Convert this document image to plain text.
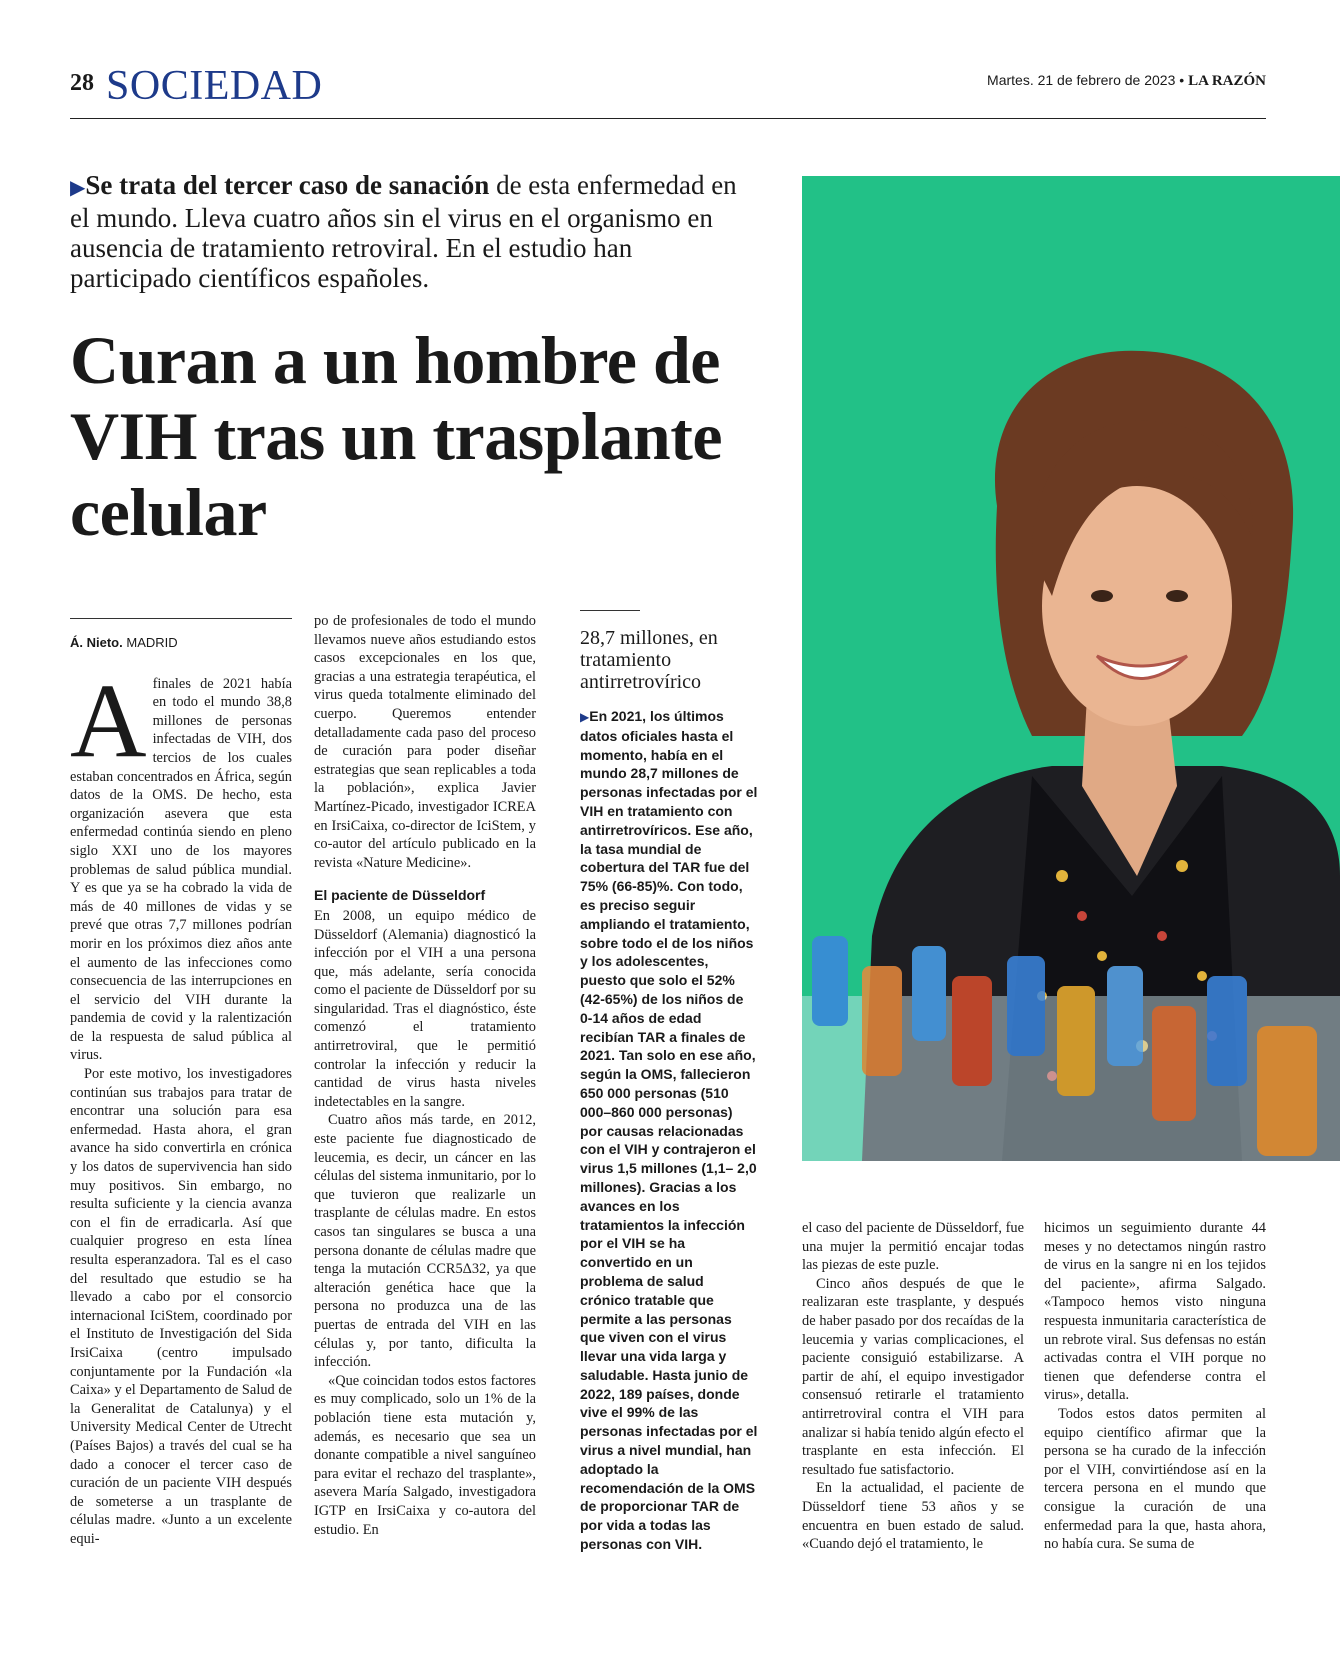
28 SOCIEDAD	Martes. 21 de febrero de 2023 • LA RAZÓN
▶Se trata del tercer caso de sanación de esta enfermedad en el mundo. Lleva cuatro años sin el virus en el organismo en ausencia de tratamiento retroviral. En el estudio han participado científicos españoles.
Curan a un hombre de VIH tras un trasplante celular
Á. Nieto. MADRID

Afinales de 2021 había en todo el mundo 38,8 millones de personas infectadas de VIH, dos tercios de los cuales estaban concentrados en África, según datos de la OMS. De hecho, esta organización asevera que esta enfermedad continúa siendo en pleno siglo XXI uno de los mayores problemas de salud pública mundial. Y es que ya se ha cobrado la vida de más de 40 millones de vidas y se prevé que otras 7,7 millones podrían morir en los próximos diez años ante el aumento de las infecciones como consecuencia de las interrupciones en el servicio del VIH durante la pandemia de covid y la ralentización de la respuesta de salud pública al virus.

Por este motivo, los investigadores continúan sus trabajos para tratar de encontrar una solución para esa enfermedad. Hasta ahora, el gran avance ha sido convertirla en crónica y los datos de supervivencia han sido muy positivos. Sin embargo, no resulta suficiente y la ciencia avanza con el fin de erradicarla. Así que cualquier progreso en esta línea resulta esperanzadora. Tal es el caso del resultado que estudio se ha llevado a cabo por el consorcio internacional IciStem, coordinado por el Instituto de Investigación del Sida IrsiCaixa (centro impulsado conjuntamente por la Fundación «la Caixa» y el Departamento de Salud de la Generalitat de Catalunya) y el University Medical Center de Utrecht (Países Bajos) a través del cual se ha dado a conocer el tercer caso de curación de un paciente VIH después de someterse a un trasplante de células madre. «Junto a un excelente equi-

po de profesionales de todo el mundo llevamos nueve años estudiando estos casos excepcionales en los que, gracias a una estrategia terapéutica, el virus queda totalmente eliminado del cuerpo. Queremos entender detalladamente cada paso del proceso de curación para poder diseñar estrategias que sean replicables a toda la población», explica Javier Martínez-Picado, investigador ICREA en IrsiCaixa, co-director de IciStem, y co-autor del artículo publicado en la revista «Nature Medicine».

El paciente de Düsseldorf

En 2008, un equipo médico de Düsseldorf (Alemania) diagnosticó la infección por el VIH a una persona que, más adelante, sería conocida como el paciente de Düsseldorf por su singularidad. Tras el diagnóstico, éste comenzó el tratamiento antirretroviral, que le permitió controlar la infección y reducir la cantidad de virus hasta niveles indetectables en la sangre.

Cuatro años más tarde, en 2012, este paciente fue diagnosticado de leucemia, es decir, un cáncer en las células del sistema inmunitario, por lo que tuvieron que realizarle un trasplante de células madre. En estos casos tan singulares se busca a una persona donante de células madre que tenga la mutación CCR5Δ32, ya que alteración genética hace que la persona no produzca una de las puertas de entrada del VIH en las células y, por tanto, dificulta la infección.

«Que coincidan todos estos factores es muy complicado, solo un 1% de la población tiene esta mutación y, además, es necesario que sea un donante compatible a nivel sanguíneo para evitar el rechazo del trasplante», asevera María Salgado, investigadora IGTP en IrsiCaixa y co-autora del estudio. En

28,7 millones, en tratamiento antirretrovírico
▶En 2021, los últimos datos oficiales hasta el momento, había en el mundo 28,7 millones de personas infectadas por el VIH en tratamiento con antirretrovíricos. Ese año, la tasa mundial de cobertura del TAR fue del 75% (66-85)%. Con todo, es preciso seguir ampliando el tratamiento, sobre todo el de los niños y los adolescentes, puesto que solo el 52% (42-65%) de los niños de 0-14 años de edad recibían TAR a finales de 2021. Tan solo en ese año, según la OMS, fallecieron 650 000 personas (510 000–860 000 personas) por causas relacionadas con el VIH y contrajeron el virus 1,5 millones (1,1– 2,0 millones). Gracias a los avances en los tratamientos la infección por el VIH se ha convertido en un problema de salud crónico tratable que permite a las personas que viven con el virus llevar una vida larga y saludable. Hasta junio de 2022, 189 países, donde vive el 99% de las personas infectadas por el virus a nivel mundial, han adoptado la recomendación de la OMS de proporcionar TAR de por vida a todas las personas con VIH.

el caso del paciente de Düsseldorf, fue una mujer la permitió encajar todas las piezas de este puzle.

Cinco años después de que le realizaran este trasplante, y después de haber pasado por dos recaídas de la leucemia y varias complicaciones, el paciente consiguió estabilizarse. A partir de ahí, el equipo investigador consensuó retirarle el tratamiento antirretroviral contra el VIH para analizar si había tenido algún efecto el trasplante en esta infección. El resultado fue satisfactorio.

En la actualidad, el paciente de Düsseldorf tiene 53 años y se encuentra en buen estado de salud. «Cuando dejó el tratamiento, le

hicimos un seguimiento durante 44 meses y no detectamos ningún rastro de virus en la sangre ni en los tejidos del paciente», afirma Salgado. «Tampoco hemos visto ninguna respuesta inmunitaria característica de un rebrote viral. Sus defensas no están activadas contra el VIH porque no tienen que defenderse contra el virus», detalla.

Todos estos datos permiten al equipo científico afirmar que la persona se ha curado de la infección por el VIH, convirtiéndose así en la tercera persona en el mundo que consigue la curación de una enfermedad para la que, hasta ahora, no había cura. Se suma de
